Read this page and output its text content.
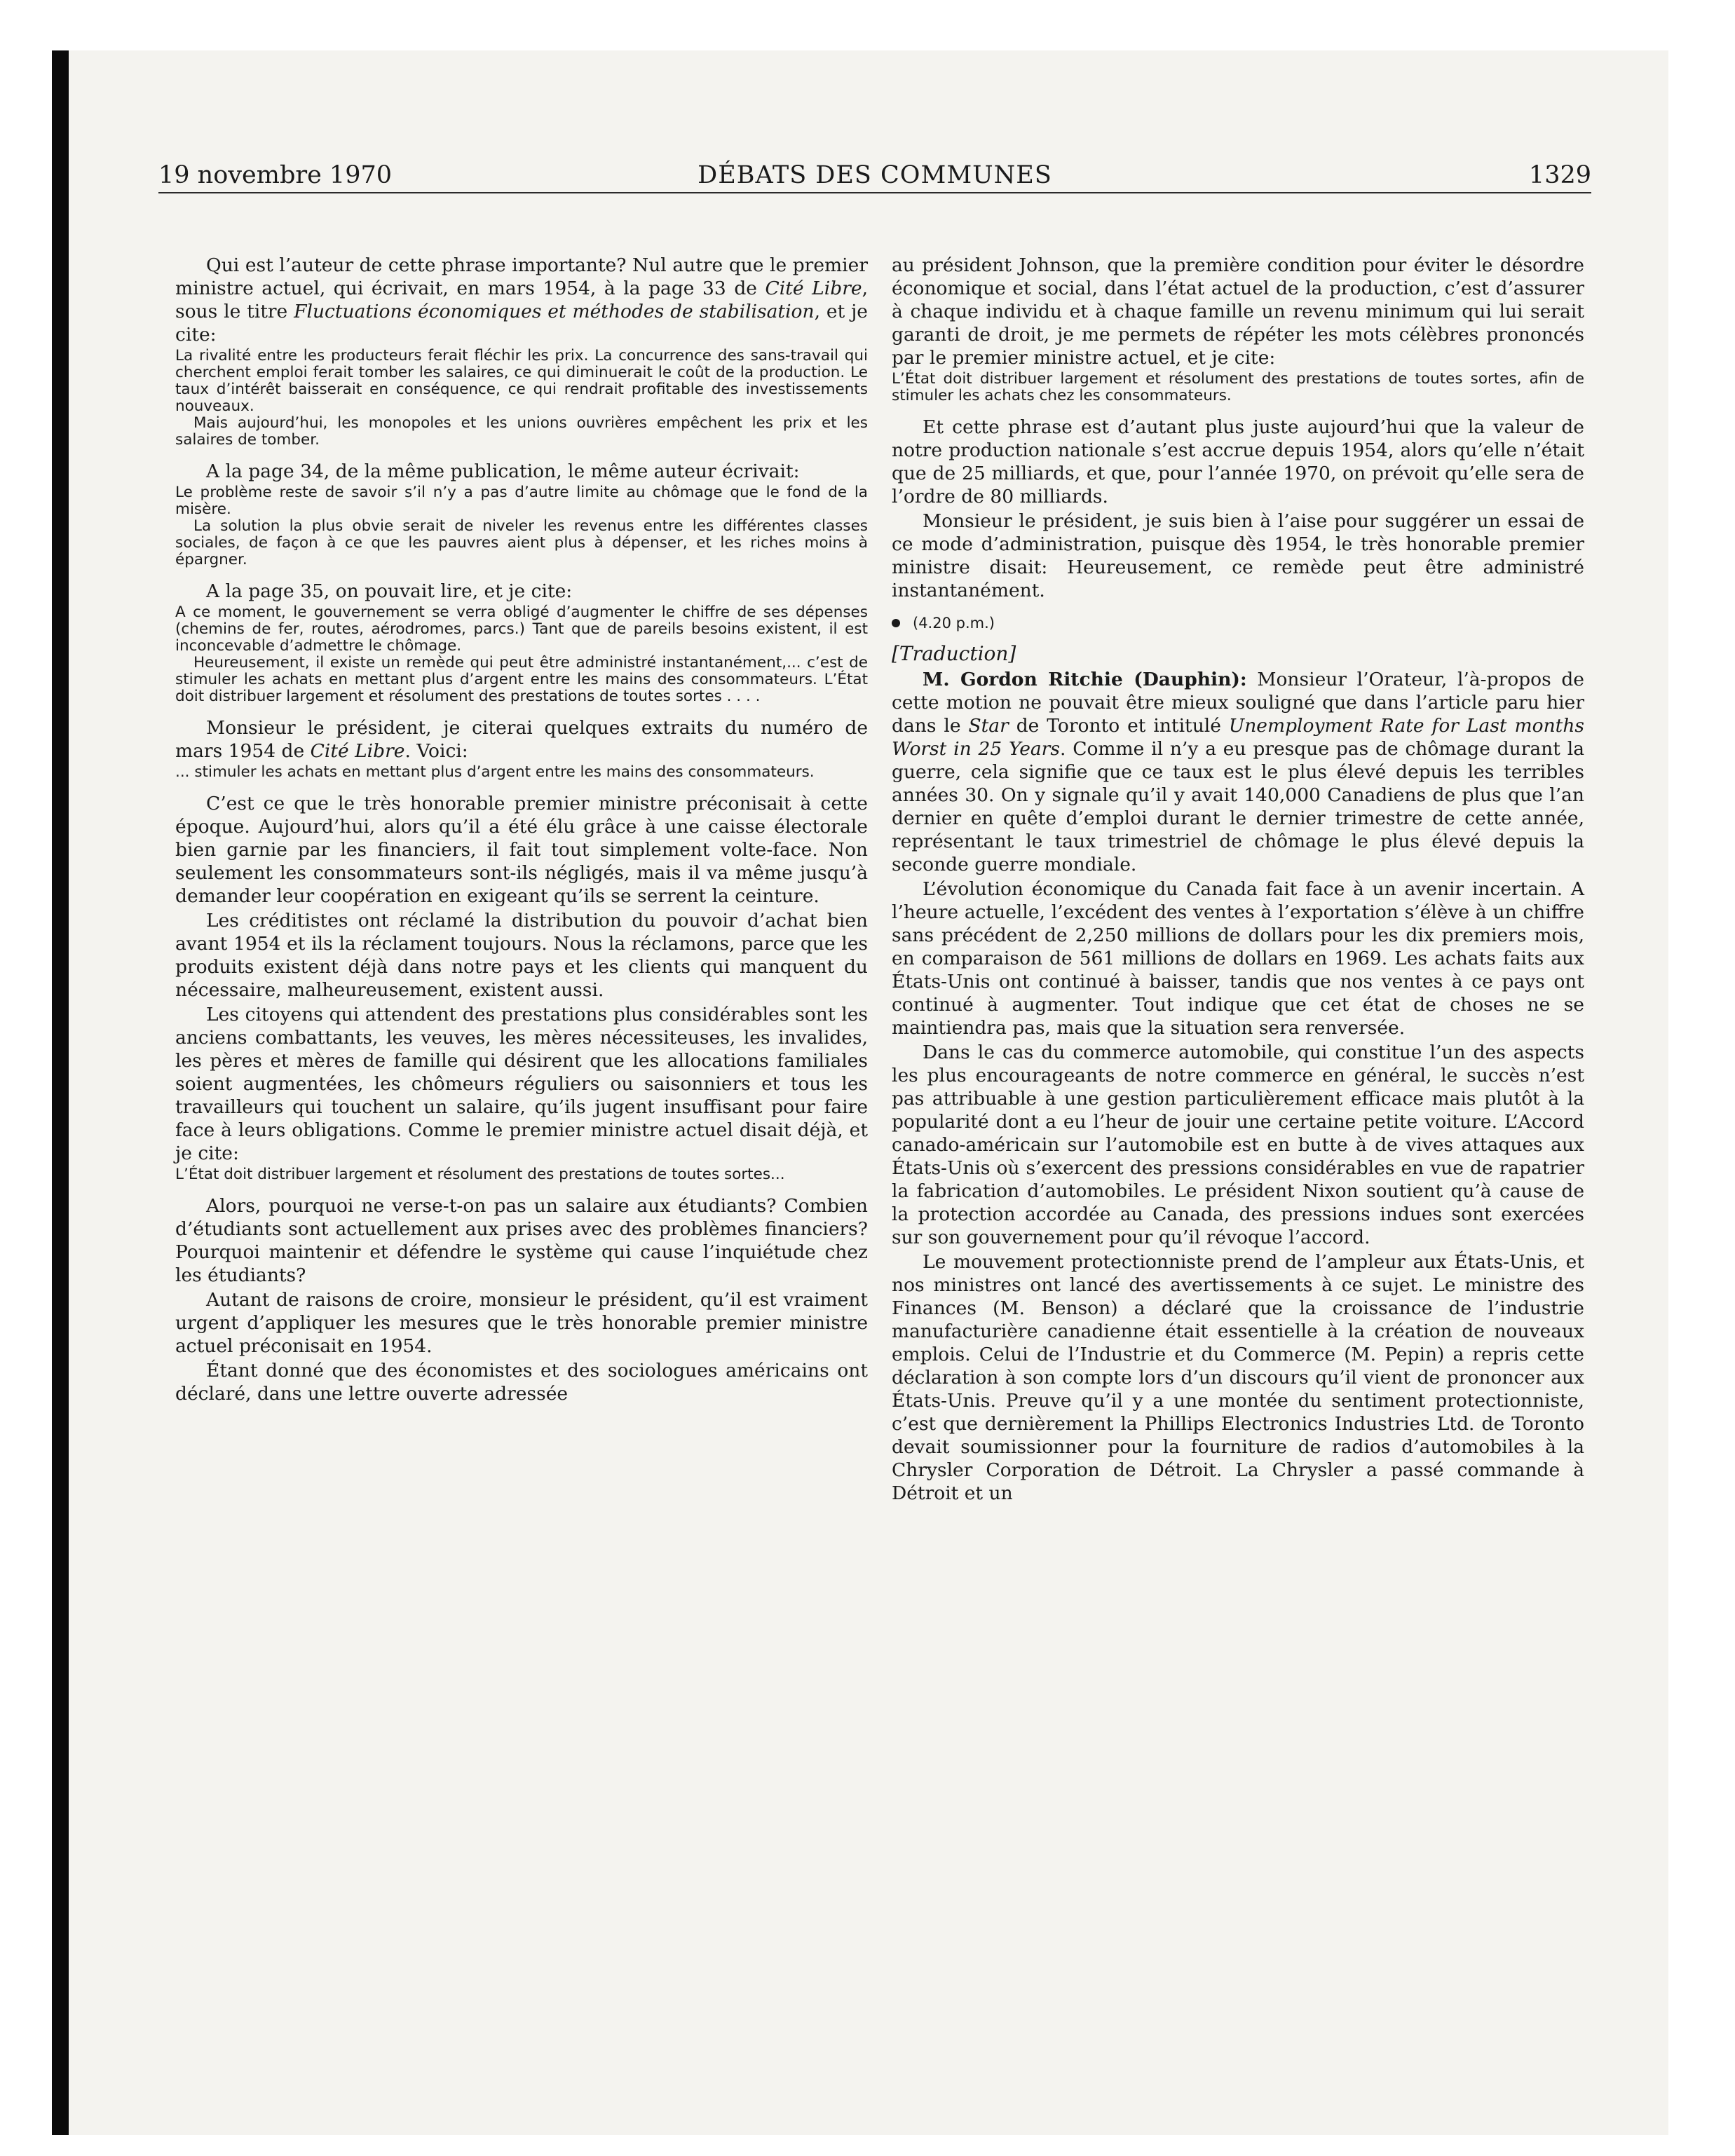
19 novembre 1970	DÉBATS DES COMMUNES	1329

Qui est l’auteur de cette phrase importante? Nul autre que le premier ministre actuel, qui écrivait, en mars 1954, à la page 33 de Cité Libre, sous le titre Fluctuations économiques et méthodes de stabilisation, et je cite:

La rivalité entre les producteurs ferait fléchir les prix. La concurrence des sans-travail qui cherchent emploi ferait tomber les salaires, ce qui diminuerait le coût de la production. Le taux d’intérêt baisserait en conséquence, ce qui rendrait profitable des investissements nouveaux.
Mais aujourd’hui, les monopoles et les unions ouvrières empêchent les prix et les salaires de tomber.

A la page 34, de la même publication, le même auteur écrivait:

Le problème reste de savoir s’il n’y a pas d’autre limite au chômage que le fond de la misère.
La solution la plus obvie serait de niveler les revenus entre les différentes classes sociales, de façon à ce que les pauvres aient plus à dépenser, et les riches moins à épargner.

A la page 35, on pouvait lire, et je cite:

A ce moment, le gouvernement se verra obligé d’augmenter le chiffre de ses dépenses (chemins de fer, routes, aérodromes, parcs.) Tant que de pareils besoins existent, il est inconcevable d’admettre le chômage.
Heureusement, il existe un remède qui peut être administré instantanément,... c’est de stimuler les achats en mettant plus d’argent entre les mains des consommateurs. L’État doit distribuer largement et résolument des prestations de toutes sortes . . . .

Monsieur le président, je citerai quelques extraits du numéro de mars 1954 de Cité Libre. Voici:

... stimuler les achats en mettant plus d’argent entre les mains des consommateurs.

C’est ce que le très honorable premier ministre préconisait à cette époque. Aujourd’hui, alors qu’il a été élu grâce à une caisse électorale bien garnie par les financiers, il fait tout simplement volte-face. Non seulement les consommateurs sont-ils négligés, mais il va même jusqu’à demander leur coopération en exigeant qu’ils se serrent la ceinture.

Les créditistes ont réclamé la distribution du pouvoir d’achat bien avant 1954 et ils la réclament toujours. Nous la réclamons, parce que les produits existent déjà dans notre pays et les clients qui manquent du nécessaire, malheureusement, existent aussi.

Les citoyens qui attendent des prestations plus considérables sont les anciens combattants, les veuves, les mères nécessiteuses, les invalides, les pères et mères de famille qui désirent que les allocations familiales soient augmentées, les chômeurs réguliers ou saisonniers et tous les travailleurs qui touchent un salaire, qu’ils jugent insuffisant pour faire face à leurs obligations. Comme le premier ministre actuel disait déjà, et je cite:

L’État doit distribuer largement et résolument des prestations de toutes sortes...

Alors, pourquoi ne verse-t-on pas un salaire aux étudiants? Combien d’étudiants sont actuellement aux prises avec des problèmes financiers? Pourquoi maintenir et défendre le système qui cause l’inquiétude chez les étudiants?

Autant de raisons de croire, monsieur le président, qu’il est vraiment urgent d’appliquer les mesures que le très honorable premier ministre actuel préconisait en 1954.

Étant donné que des économistes et des sociologues américains ont déclaré, dans une lettre ouverte adressée

au président Johnson, que la première condition pour éviter le désordre économique et social, dans l’état actuel de la production, c’est d’assurer à chaque individu et à chaque famille un revenu minimum qui lui serait garanti de droit, je me permets de répéter les mots célèbres prononcés par le premier ministre actuel, et je cite:

L’État doit distribuer largement et résolument des prestations de toutes sortes, afin de stimuler les achats chez les consommateurs.

Et cette phrase est d’autant plus juste aujourd’hui que la valeur de notre production nationale s’est accrue depuis 1954, alors qu’elle n’était que de 25 milliards, et que, pour l’année 1970, on prévoit qu’elle sera de l’ordre de 80 milliards.

Monsieur le président, je suis bien à l’aise pour suggérer un essai de ce mode d’administration, puisque dès 1954, le très honorable premier ministre disait: Heureusement, ce remède peut être administré instantanément.

(4.20 p.m.)
[Traduction]

M. Gordon Ritchie (Dauphin): Monsieur l’Orateur, l’à-propos de cette motion ne pouvait être mieux souligné que dans l’article paru hier dans le Star de Toronto et intitulé Unemployment Rate for Last months Worst in 25 Years. Comme il n’y a eu presque pas de chômage durant la guerre, cela signifie que ce taux est le plus élevé depuis les terribles années 30. On y signale qu’il y avait 140,000 Canadiens de plus que l’an dernier en quête d’emploi durant le dernier trimestre de cette année, représentant le taux trimestriel de chômage le plus élevé depuis la seconde guerre mondiale.

L’évolution économique du Canada fait face à un avenir incertain. A l’heure actuelle, l’excédent des ventes à l’exportation s’élève à un chiffre sans précédent de 2,250 millions de dollars pour les dix premiers mois, en comparaison de 561 millions de dollars en 1969. Les achats faits aux États-Unis ont continué à baisser, tandis que nos ventes à ce pays ont continué à augmenter. Tout indique que cet état de choses ne se maintiendra pas, mais que la situation sera renversée.

Dans le cas du commerce automobile, qui constitue l’un des aspects les plus encourageants de notre commerce en général, le succès n’est pas attribuable à une gestion particulièrement efficace mais plutôt à la popularité dont a eu l’heur de jouir une certaine petite voiture. L’Accord canado-américain sur l’automobile est en butte à de vives attaques aux États-Unis où s’exercent des pressions considérables en vue de rapatrier la fabrication d’automobiles. Le président Nixon soutient qu’à cause de la protection accordée au Canada, des pressions indues sont exercées sur son gouvernement pour qu’il révoque l’accord.

Le mouvement protectionniste prend de l’ampleur aux États-Unis, et nos ministres ont lancé des avertissements à ce sujet. Le ministre des Finances (M. Benson) a déclaré que la croissance de l’industrie manufacturière canadienne était essentielle à la création de nouveaux emplois. Celui de l’Industrie et du Commerce (M. Pepin) a repris cette déclaration à son compte lors d’un discours qu’il vient de prononcer aux États-Unis. Preuve qu’il y a une montée du sentiment protectionniste, c’est que dernièrement la Phillips Electronics Industries Ltd. de Toronto devait soumissionner pour la fourniture de radios d’automobiles à la Chrysler Corporation de Détroit. La Chrysler a passé commande à Détroit et un
